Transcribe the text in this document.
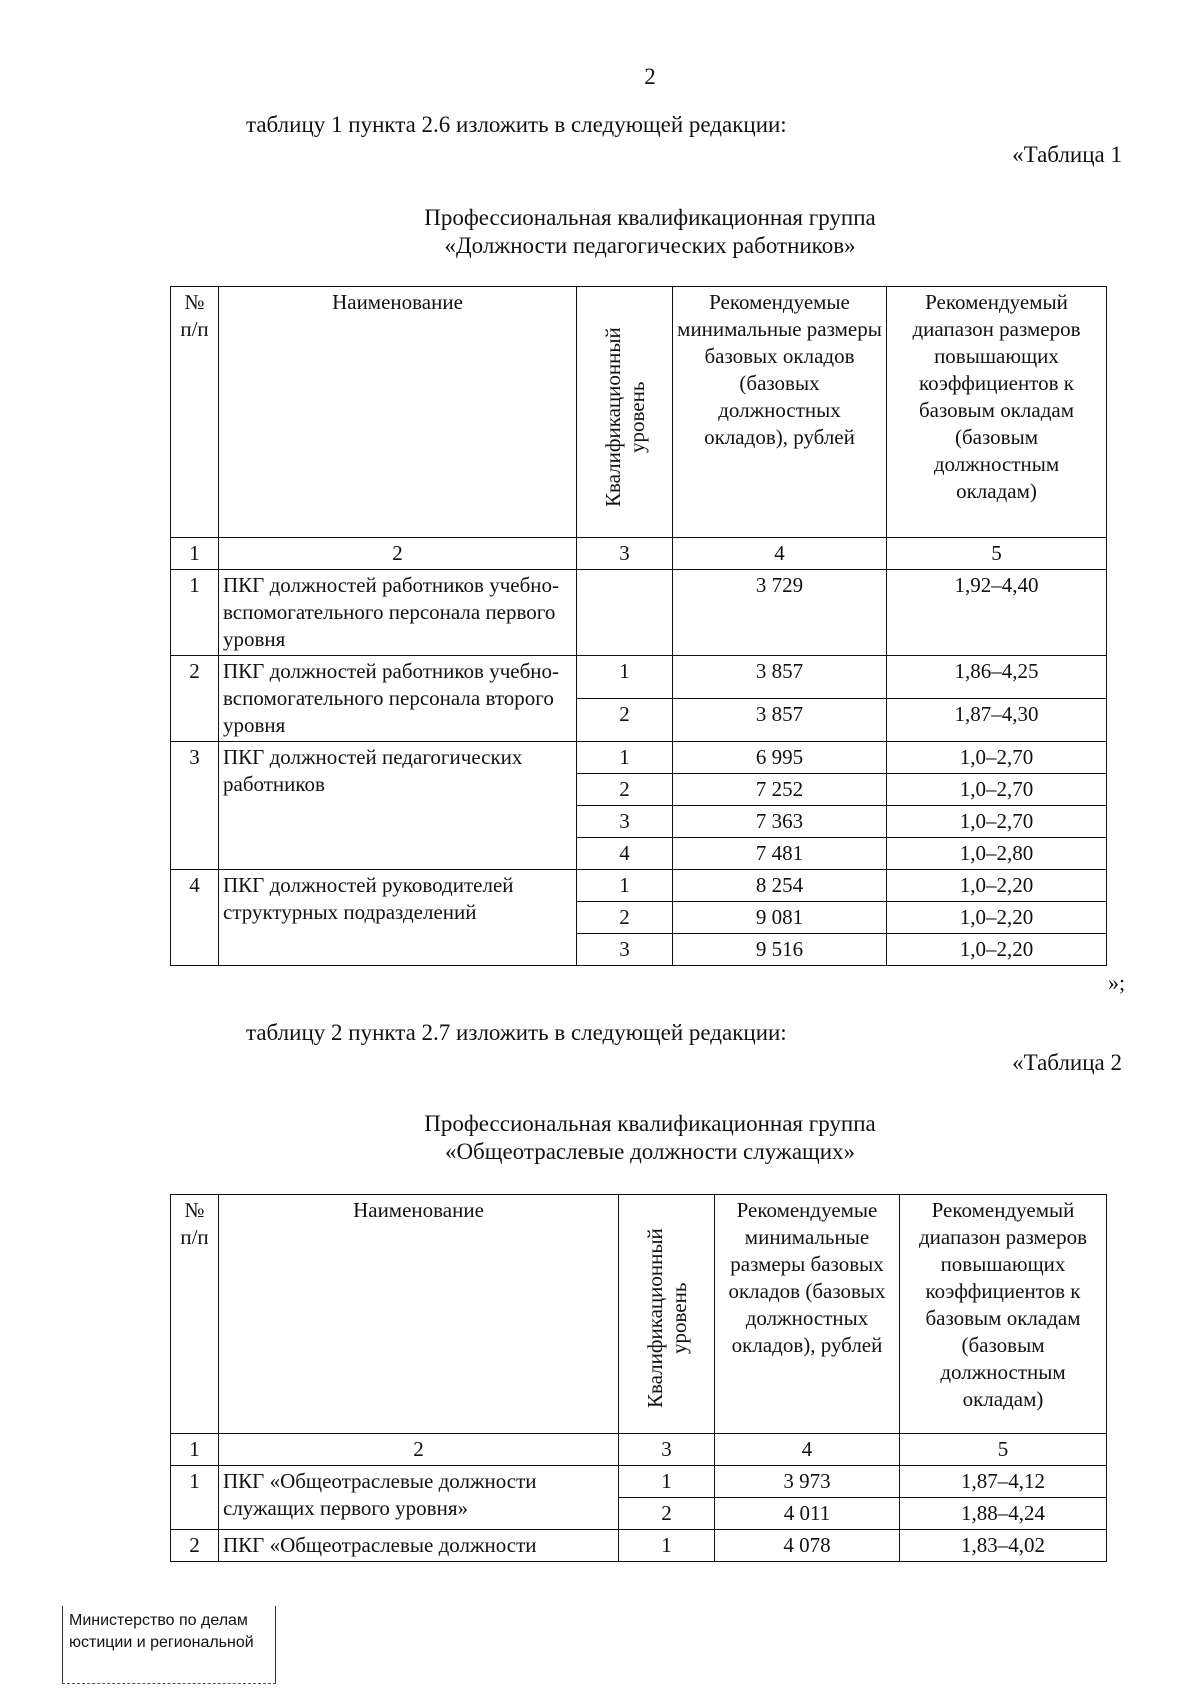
2
таблицу 1 пункта 2.6 изложить в следующей редакции:
«Таблица 1
Профессиональная квалификационная группа
«Должности педагогических работников»
№ п/п	Наименование	Квалификационный уровень	Рекомендуемые минимальные размеры базовых окладов (базовых должностных окладов), рублей	Рекомендуемый диапазон размеров повышающих коэффициентов к базовым окладам (базовым должностным окладам)
1	2	3	4	5
1	ПКГ должностей работников учебно-вспомогательного персонала первого уровня		3 729	1,92–4,40
2	ПКГ должностей работников учебно-вспомогательного персонала второго уровня	1	3 857	1,86–4,25
		2	3 857	1,87–4,30
3	ПКГ должностей педагогических работников	1	6 995	1,0–2,70
		2	7 252	1,0–2,70
		3	7 363	1,0–2,70
		4	7 481	1,0–2,80
4	ПКГ должностей руководителей структурных подразделений	1	8 254	1,0–2,20
		2	9 081	1,0–2,20
		3	9 516	1,0–2,20
»;
таблицу 2 пункта 2.7 изложить в следующей редакции:
«Таблица 2
Профессиональная квалификационная группа
«Общеотраслевые должности служащих»
№ п/п	Наименование	Квалификационный уровень	Рекомендуемые минимальные размеры базовых окладов (базовых должностных окладов), рублей	Рекомендуемый диапазон размеров повышающих коэффициентов к базовым окладам (базовым должностным окладам)
1	2	3	4	5
1	ПКГ «Общеотраслевые должности служащих первого уровня»	1	3 973	1,87–4,12
		2	4 011	1,88–4,24
2	ПКГ «Общеотраслевые должности	1	4 078	1,83–4,02
Министерство по делам
юстиции и региональной
